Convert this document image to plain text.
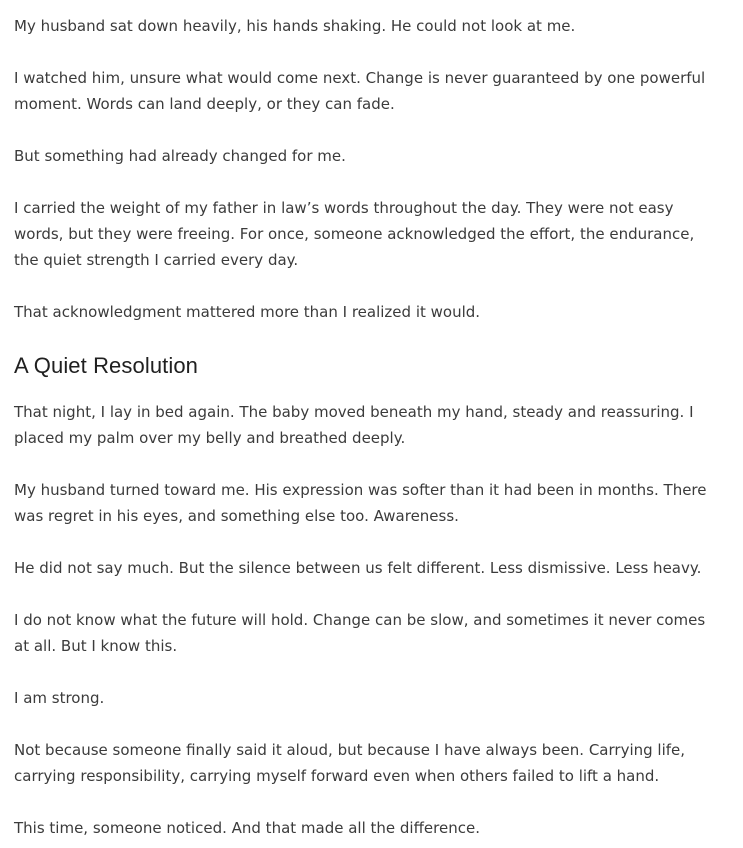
My husband sat down heavily, his hands shaking. He could not look at me.

I watched him, unsure what would come next. Change is never guaranteed by one powerful moment. Words can land deeply, or they can fade.

But something had already changed for me.

I carried the weight of my father in law’s words throughout the day. They were not easy words, but they were freeing. For once, someone acknowledged the effort, the endurance, the quiet strength I carried every day.

That acknowledgment mattered more than I realized it would.

A Quiet Resolution

That night, I lay in bed again. The baby moved beneath my hand, steady and reassuring. I placed my palm over my belly and breathed deeply.

My husband turned toward me. His expression was softer than it had been in months. There was regret in his eyes, and something else too. Awareness.

He did not say much. But the silence between us felt different. Less dismissive. Less heavy.

I do not know what the future will hold. Change can be slow, and sometimes it never comes at all. But I know this.

I am strong.

Not because someone finally said it aloud, but because I have always been. Carrying life, carrying responsibility, carrying myself forward even when others failed to lift a hand.

This time, someone noticed. And that made all the difference.
